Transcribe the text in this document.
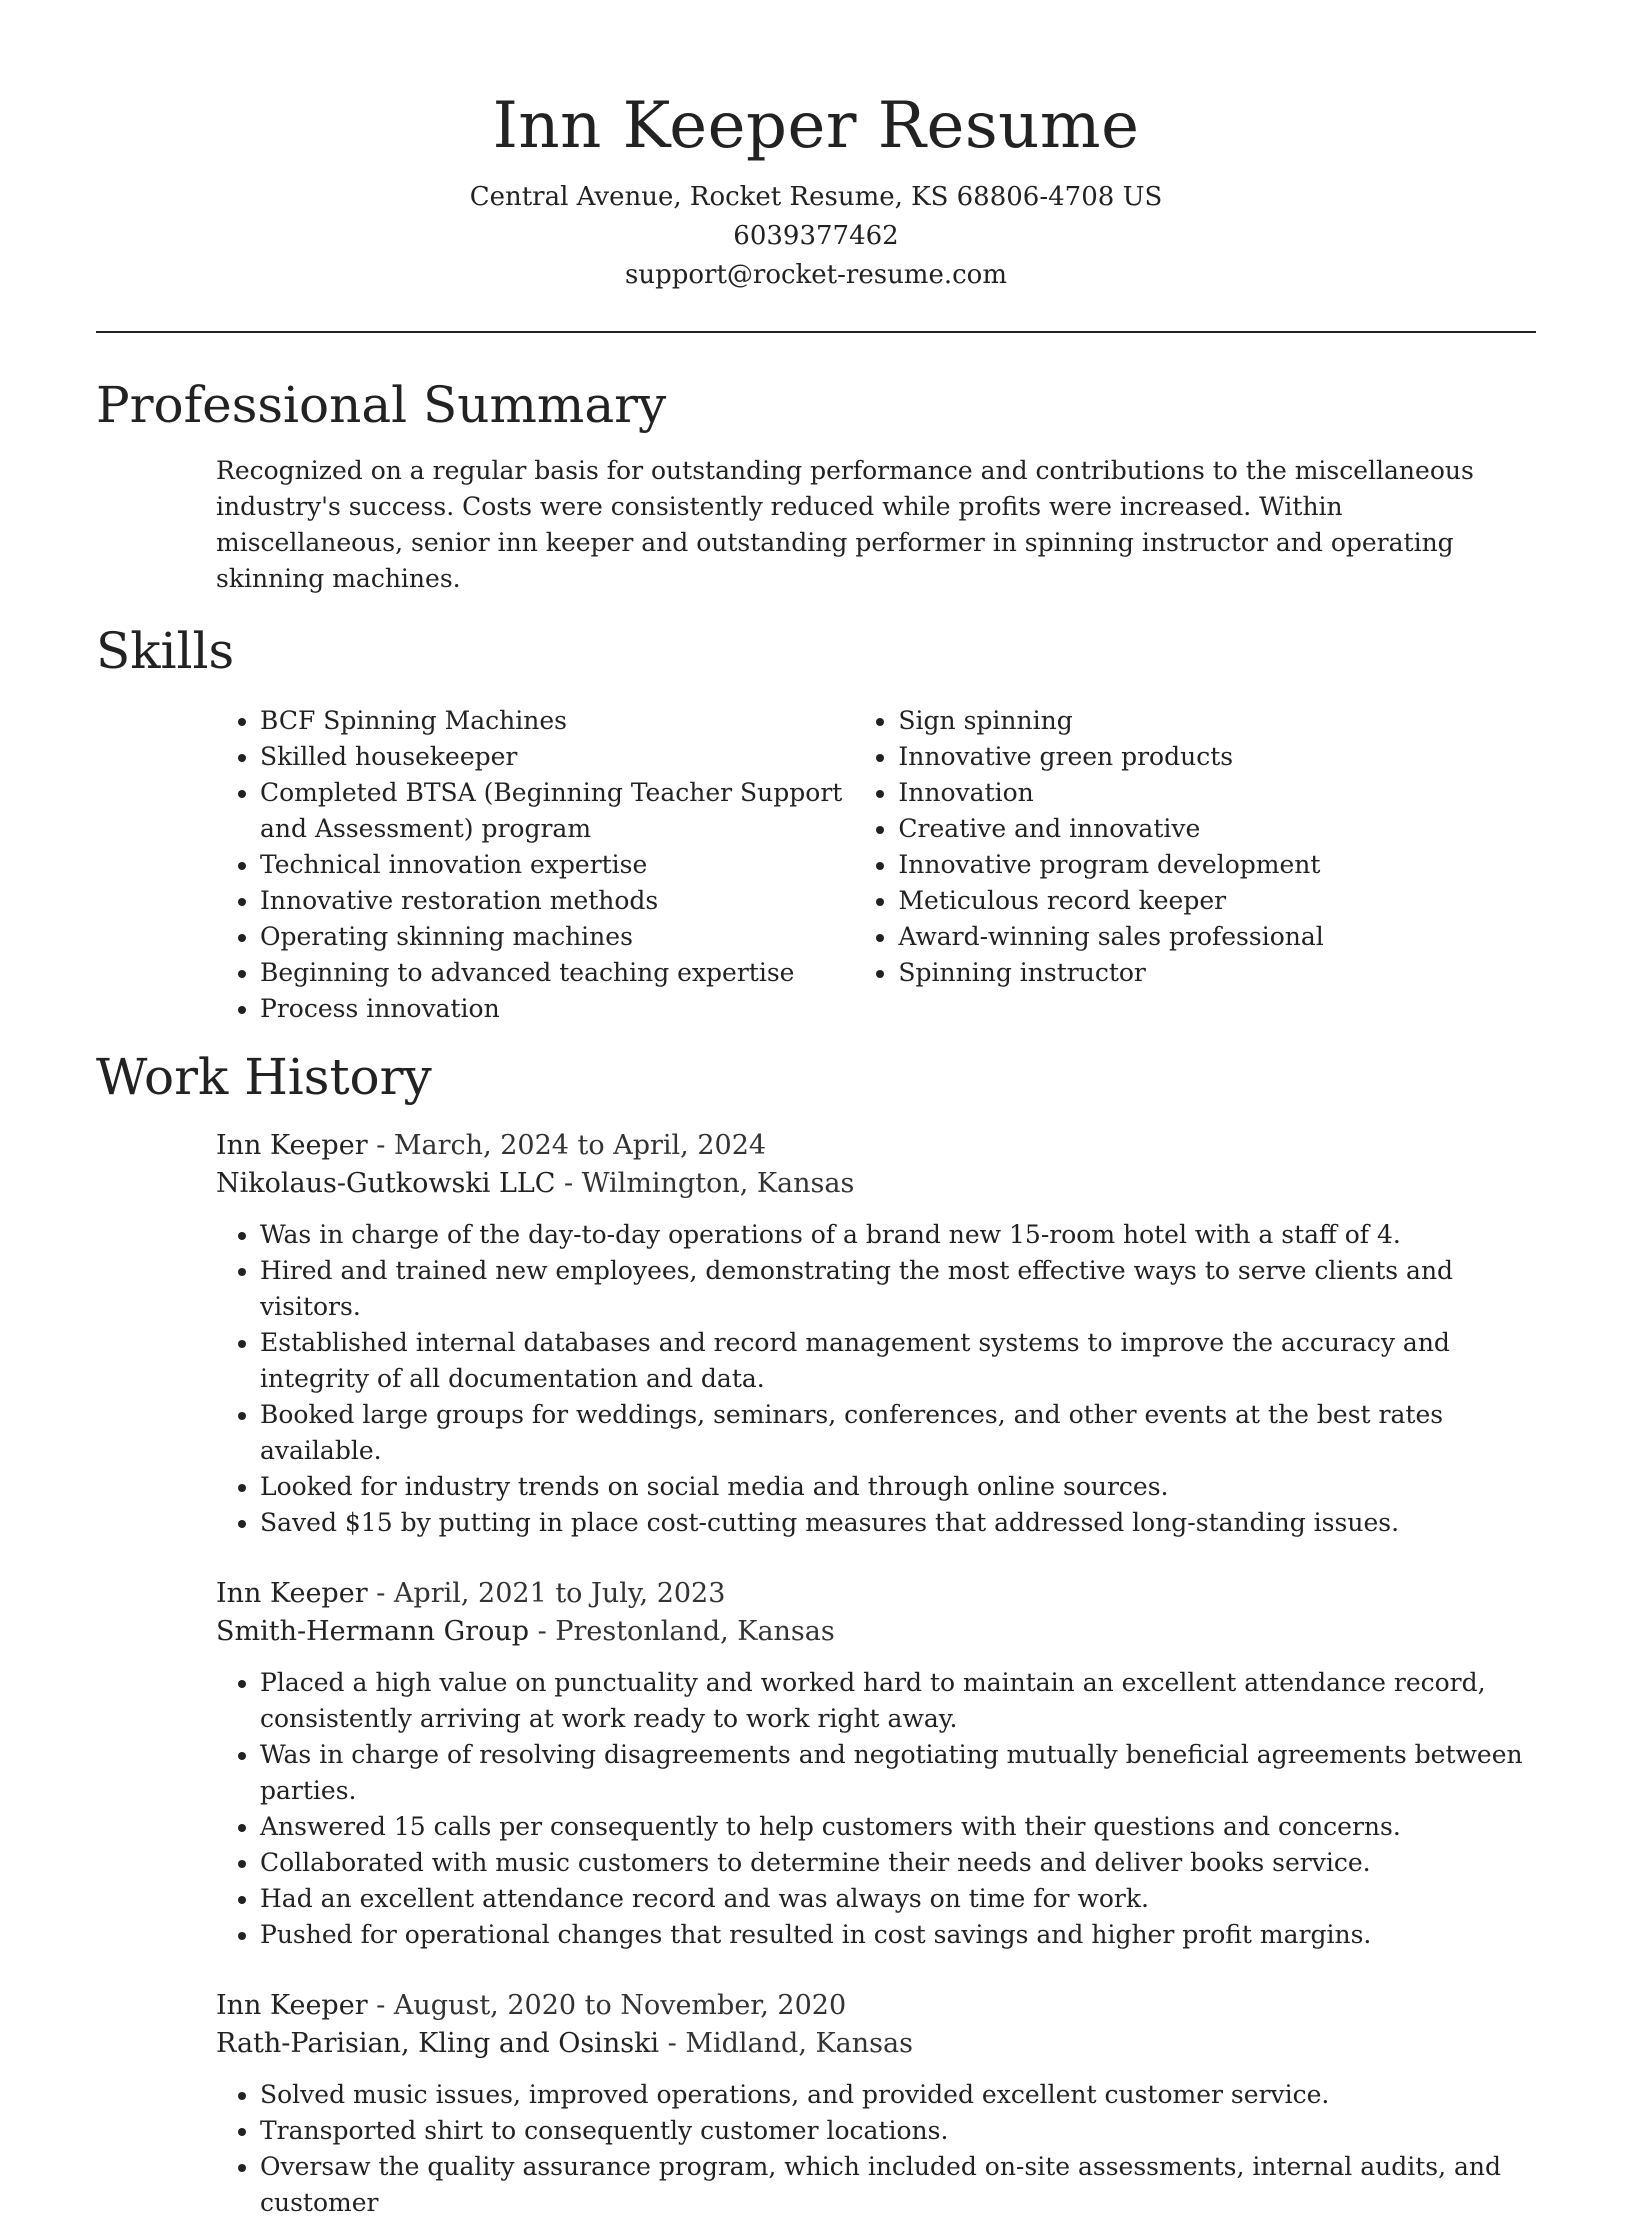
Inn Keeper Resume

Central Avenue, Rocket Resume, KS 68806-4708 US

6039377462

support@rocket-resume.com

Professional Summary

Recognized on a regular basis for outstanding performance and contributions to the miscellaneous industry's success. Costs were consistently reduced while profits were increased. Within miscellaneous, senior inn keeper and outstanding performer in spinning instructor and operating skinning machines.

Skills
• BCF Spinning Machines
• Skilled housekeeper
• Completed BTSA (Beginning Teacher Support and Assessment) program
• Technical innovation expertise
• Innovative restoration methods
• Operating skinning machines
• Beginning to advanced teaching expertise
• Process innovation
• Sign spinning
• Innovative green products
• Innovation
• Creative and innovative
• Innovative program development
• Meticulous record keeper
• Award-winning sales professional
• Spinning instructor
Work History

Inn Keeper - March, 2024 to April, 2024

Nikolaus-Gutkowski LLC - Wilmington, Kansas

• Was in charge of the day-to-day operations of a brand new 15-room hotel with a staff of 4.
• Hired and trained new employees, demonstrating the most effective ways to serve clients and visitors.
• Established internal databases and record management systems to improve the accuracy and integrity of all documentation and data.
• Booked large groups for weddings, seminars, conferences, and other events at the best rates available.
• Looked for industry trends on social media and through online sources.
• Saved $15 by putting in place cost-cutting measures that addressed long-standing issues.

Inn Keeper - April, 2021 to July, 2023

Smith-Hermann Group - Prestonland, Kansas

• Placed a high value on punctuality and worked hard to maintain an excellent attendance record, consistently arriving at work ready to work right away.
• Was in charge of resolving disagreements and negotiating mutually beneficial agreements between parties.
• Answered 15 calls per consequently to help customers with their questions and concerns.
• Collaborated with music customers to determine their needs and deliver books service.
• Had an excellent attendance record and was always on time for work.
• Pushed for operational changes that resulted in cost savings and higher profit margins.

Inn Keeper - August, 2020 to November, 2020

Rath-Parisian, Kling and Osinski - Midland, Kansas

• Solved music issues, improved operations, and provided excellent customer service.
• Transported shirt to consequently customer locations.
• Oversaw the quality assurance program, which included on-site assessments, internal audits, and customer
